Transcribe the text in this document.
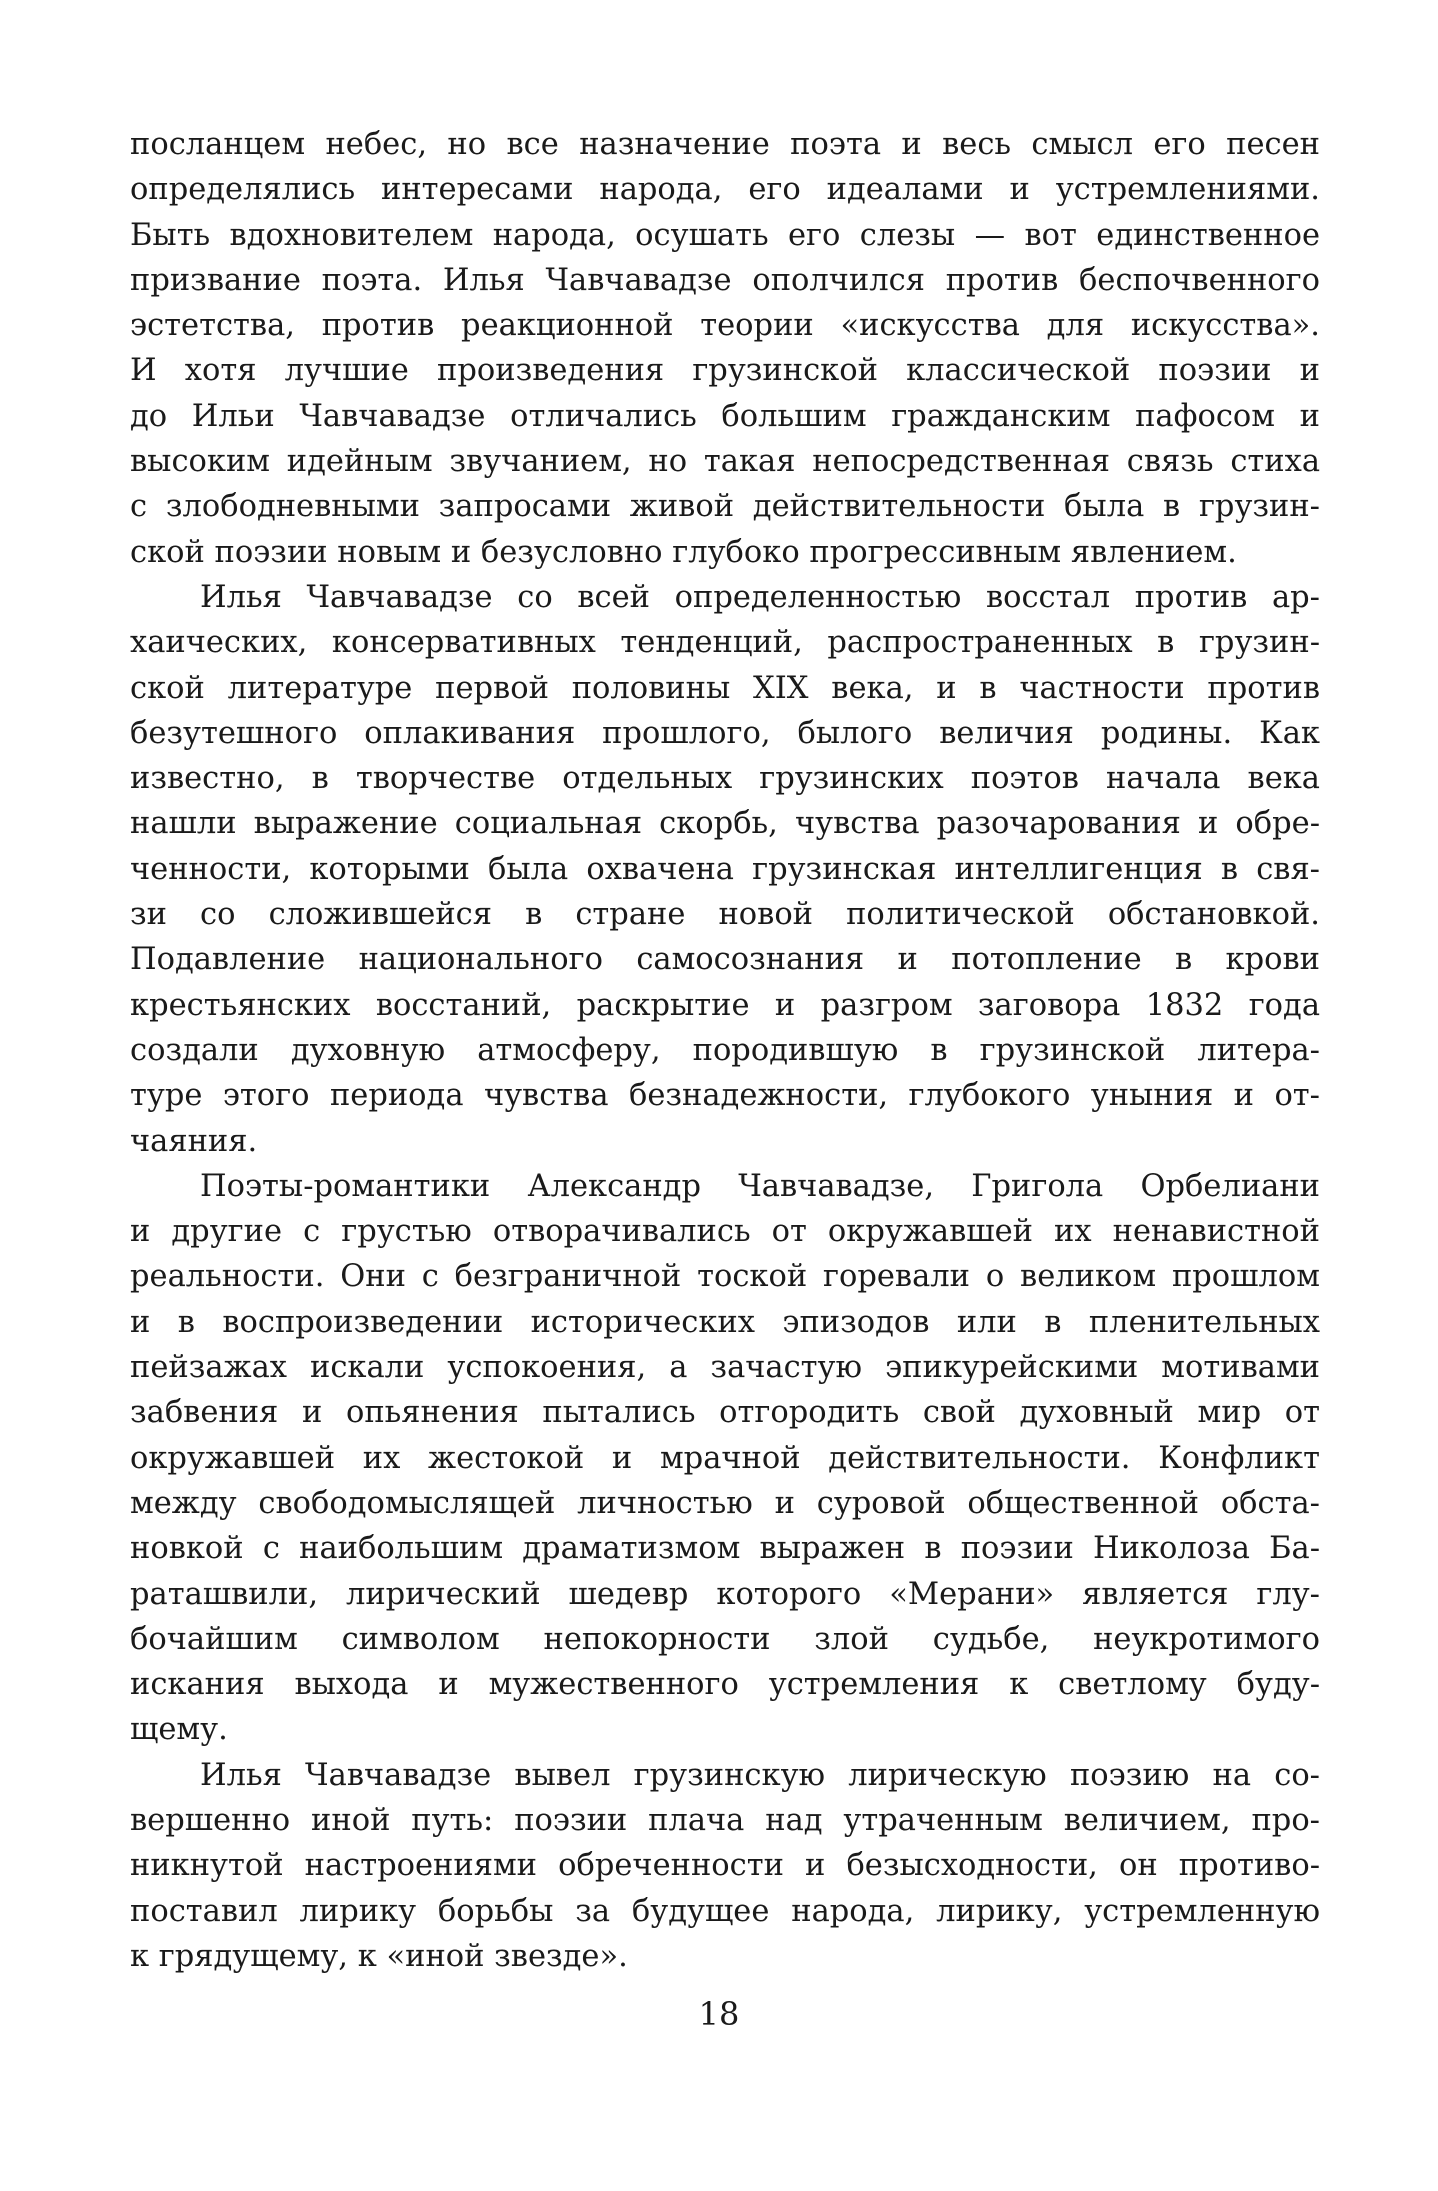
посланцем небес, но все назначение поэта и весь смысл его песен
определялись интересами народа, его идеалами и устремлениями.
Быть вдохновителем народа, осушать его слезы — вот единственное
призвание поэта. Илья Чавчавадзе ополчился против беспочвенного
эстетства, против реакционной теории «искусства для искусства».
И хотя лучшие произведения грузинской классической поэзии и
до Ильи Чавчавадзе отличались большим гражданским пафосом и
высоким идейным звучанием, но такая непосредственная связь стиха
с злободневными запросами живой действительности была в грузин-
ской поэзии новым и безусловно глубоко прогрессивным явлением.
Илья Чавчавадзе со всей определенностью восстал против ар-
хаических, консервативных тенденций, распространенных в грузин-
ской литературе первой половины XIX века, и в частности против
безутешного оплакивания прошлого, былого величия родины. Как
известно, в творчестве отдельных грузинских поэтов начала века
нашли выражение социальная скорбь, чувства разочарования и обре-
ченности, которыми была охвачена грузинская интеллигенция в свя-
зи со сложившейся в стране новой политической обстановкой.
Подавление национального самосознания и потопление в крови
крестьянских восстаний, раскрытие и разгром заговора 1832 года
создали духовную атмосферу, породившую в грузинской литера-
туре этого периода чувства безнадежности, глубокого уныния и от-
чаяния.
Поэты-романтики Александр Чавчавадзе, Григола Орбелиани
и другие с грустью отворачивались от окружавшей их ненавистной
реальности. Они с безграничной тоской горевали о великом прошлом
и в воспроизведении исторических эпизодов или в пленительных
пейзажах искали успокоения, а зачастую эпикурейскими мотивами
забвения и опьянения пытались отгородить свой духовный мир от
окружавшей их жестокой и мрачной действительности. Конфликт
между свободомыслящей личностью и суровой общественной обста-
новкой с наибольшим драматизмом выражен в поэзии Николоза Ба-
раташвили, лирический шедевр которого «Мерани» является глу-
бочайшим символом непокорности злой судьбе, неукротимого
искания выхода и мужественного устремления к светлому буду-
щему.
Илья Чавчавадзе вывел грузинскую лирическую поэзию на со-
вершенно иной путь: поэзии плача над утраченным величием, про-
никнутой настроениями обреченности и безысходности, он противо-
поставил лирику борьбы за будущее народа, лирику, устремленную
к грядущему, к «иной звезде».
18
